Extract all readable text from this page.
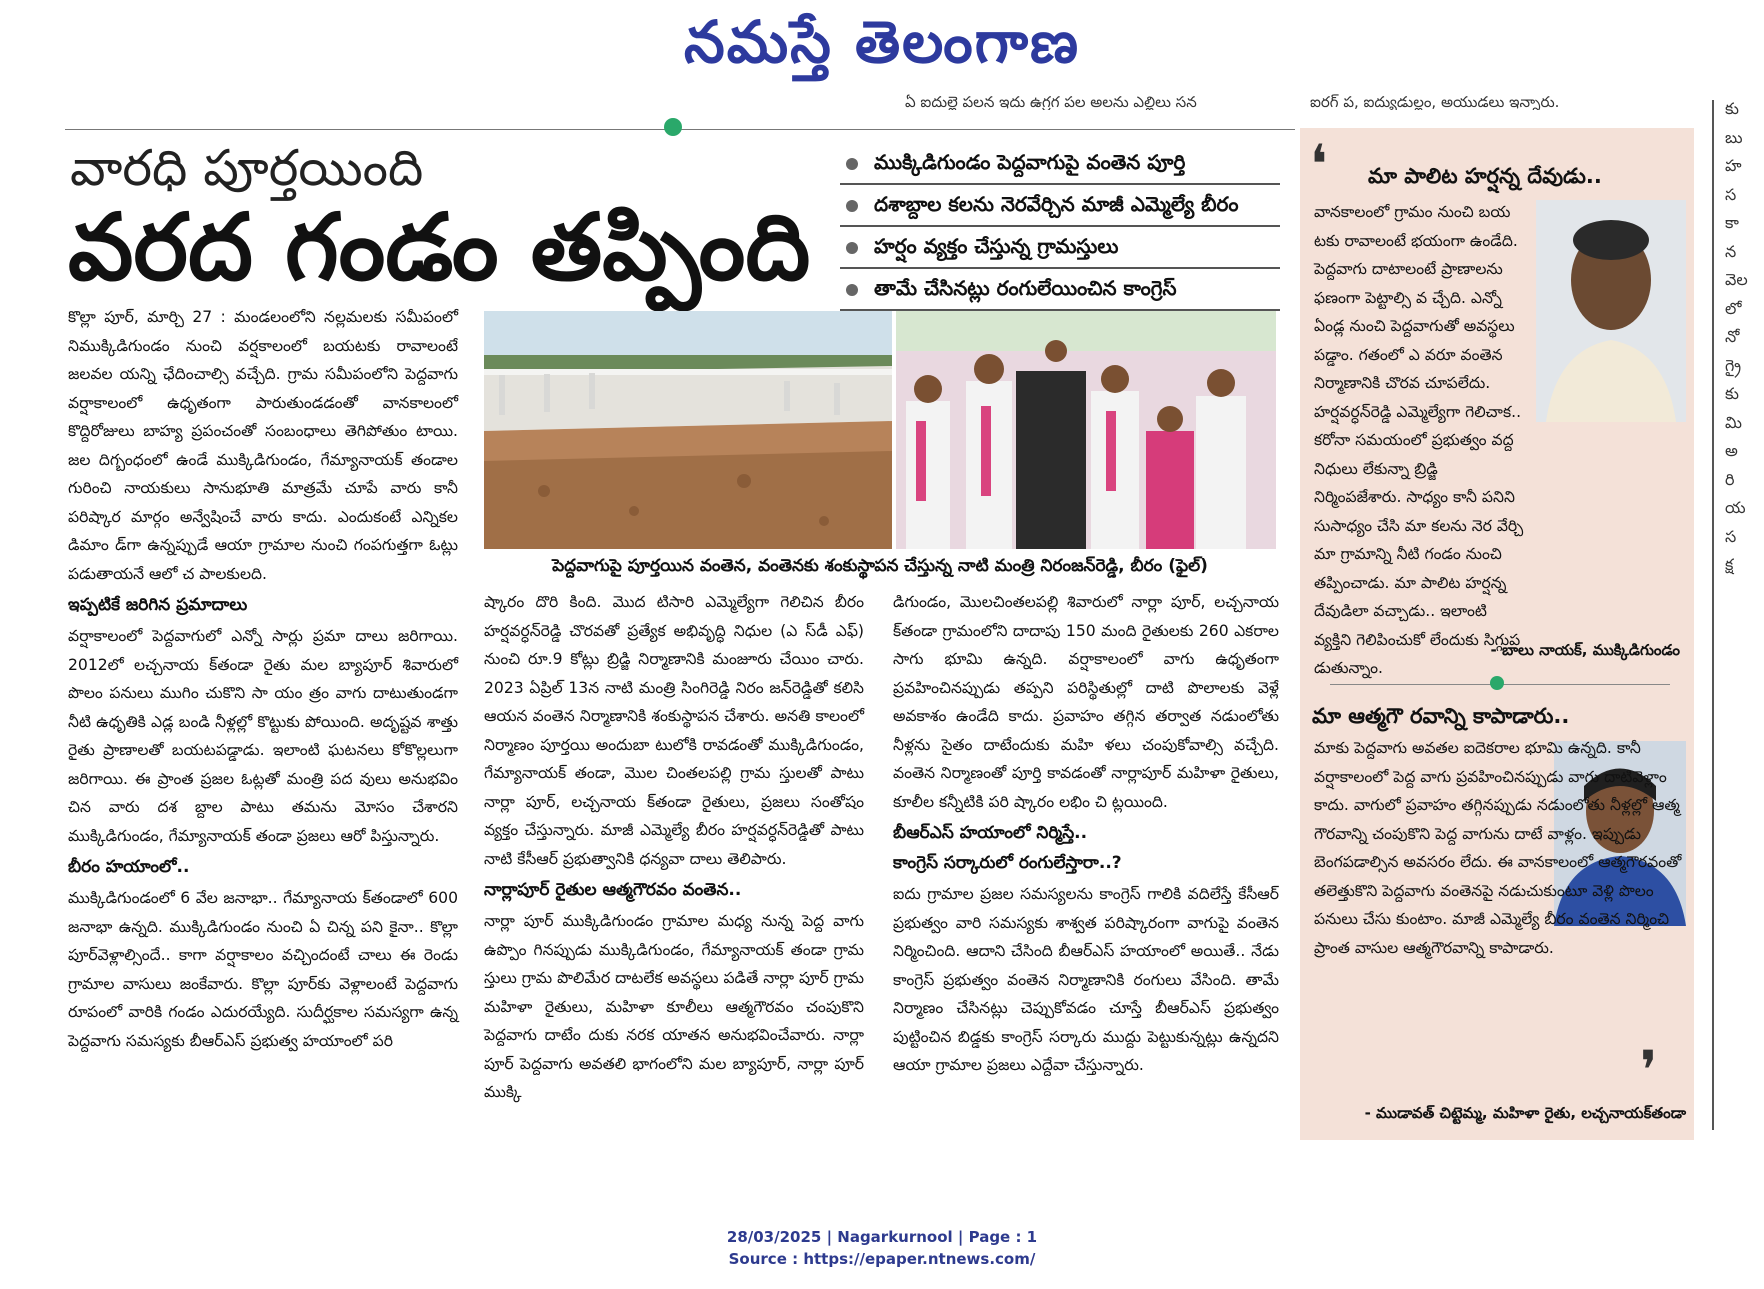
నమస్తే తెలంగాణ
ఏ ఐదుల్లె పలన ఇదు ఉగ్రగ పల అలను ఎల్లిలు సన	ఐరగ్ ప, ఐద్యుడుల్లం, అయుడలు ఇన్నారు.
వారధి పూర్తయింది
వరద గండం తప్పింది
ముక్కిడిగుండం పెద్దవాగుపై వంతెన పూర్తి
దశాబ్దాల కలను నెరవేర్చిన మాజీ ఎమ్మెల్యే బీరం
హర్షం వ్యక్తం చేస్తున్న గ్రామస్తులు
తామే చేసినట్లు రంగులేయించిన కాంగ్రెస్
పెద్దవాగుపై పూర్తయిన వంతెన, వంతెనకు శంకుస్థాపన చేస్తున్న నాటి మంత్రి నిరంజన్‌రెడ్డి, బీరం (ఫైల్)

కొల్లా పూర్, మార్చి 27 : మండలంలోని నల్లమలకు సమీపంలో నిముక్కిడిగుండం నుంచి వర్షకాలంలో బయటకు రావాలంటే జలవల యన్ని ఛేదించాల్సి వచ్చేది. గ్రామ సమీపంలోని పెద్దవాగు వర్షాకాలంలో ఉధృతంగా పారుతుండడంతో వానకాలంలో కొద్దిరోజులు బాహ్య ప్రపంచంతో సంబంధాలు తెగిపోతుం టాయి. జల దిగ్బంధంలో ఉండే ముక్కిడిగుండం, గేమ్యానాయక్ తండాల గురించి నాయకులు సానుభూతి మాత్రమే చూపే వారు కానీ పరిష్కార మార్గం అన్వేషించే వారు కాదు. ఎందుకంటే ఎన్నికల డిమాం డ్‌గా ఉన్నప్పుడే ఆయా గ్రామాల నుంచి గంపగుత్తగా ఓట్లు పడుతాయనే ఆలో చ పాలకులది.

ఇప్పటికే జరిగిన ప్రమాదాలు

వర్షాకాలంలో పెద్దవాగులో ఎన్నో సార్లు ప్రమా దాలు జరిగాయి. 2012లో లచ్చనాయ క్‌తండా రైతు మల బ్యాపూర్ శివారులో పొలం పనులు ముగిం చుకొని సా యం త్రం వాగు దాటుతుండగా నీటి ఉధృతికి ఎడ్ల బండి నీళ్లల్లో కొట్టుకు పోయింది. అదృష్టవ శాత్తు రైతు ప్రాణాలతో బయటపడ్డాడు. ఇలాంటి ఘటనలు కోకొల్లలుగా జరిగాయి. ఈ ప్రాంత ప్రజల ఓట్లతో మంత్రి పద వులు అనుభవిం చిన వారు దశ బ్దాల పాటు తమను మోసం చేశారని ముక్కిడిగుండం, గేమ్యానాయక్ తండా ప్రజలు ఆరో పిస్తున్నారు.

బీరం హయాంలో..

ముక్కిడిగుండంలో 6 వేల జనాభా.. గేమ్యానాయ క్‌తండాలో 600 జనాభా ఉన్నది. ముక్కిడిగుండం నుంచి ఏ చిన్న పని కైనా.. కొల్లా పూర్‌వెళ్లాల్సిందే.. కాగా వర్షాకాలం వచ్చిందంటే చాలు ఈ రెండు గ్రామాల వాసులు జంకేవారు. కొల్లా పూర్‌కు వెళ్లాలంటే పెద్దవాగు రూపంలో వారికి గండం ఎదురయ్యేది. సుదీర్ఘకాల సమస్యగా ఉన్న పెద్దవాగు సమస్యకు బీఆర్‌ఎస్ ప్రభుత్వ హయాంలో పరి

ష్కారం దొరి కింది. మొద టిసారి ఎమ్మెల్యేగా గెలిచిన బీరం హర్షవర్ధన్‌రెడ్డి చొరవతో ప్రత్యేక అభివృద్ధి నిధుల (ఎ స్‌డీ ఎఫ్) నుంచి రూ.9 కోట్లు బ్రిడ్జి నిర్మాణానికి మంజూరు చేయిం చారు. 2023 ఏప్రిల్ 13న నాటి మంత్రి సింగిరెడ్డి నిరం జన్‌రెడ్డితో కలిసి ఆయన వంతెన నిర్మాణానికి శంకుస్థాపన చేశారు. అనతి కాలంలో నిర్మాణం పూర్తయి అందుబా టులోకి రావడంతో ముక్కిడిగుండం, గేమ్యానాయక్ తండా, మొల చింతలపల్లి గ్రామ స్తులతో పాటు నార్లా పూర్, లచ్చనాయ క్‌తండా రైతులు, ప్రజలు సంతోషం వ్యక్తం చేస్తున్నారు. మాజీ ఎమ్మెల్యే బీరం హర్షవర్ధన్‌రెడ్డితో పాటు నాటి కేసీఆర్ ప్రభుత్వానికి ధన్యవా దాలు తెలిపారు.

నార్లాపూర్ రైతుల ఆత్మగౌరవం వంతెన..

నార్లా పూర్ ముక్కిడిగుండం గ్రామాల మధ్య నున్న పెద్ద వాగు ఉప్పొం గినప్పుడు ముక్కిడిగుండం, గేమ్యానాయక్ తండా గ్రామ స్తులు గ్రామ పొలిమేర దాటలేక అవస్థలు పడితే నార్లా పూర్ గ్రామ మహిళా రైతులు, మహిళా కూలీలు ఆత్మగౌరవం చంపుకొని పెద్దవాగు దాటేం దుకు నరక యాతన అనుభవించేవారు. నార్లా పూర్ పెద్దవాగు అవతలి భాగంలోని మల బ్యాపూర్, నార్లా పూర్ ముక్కి

డిగుండం, మొలచింతలపల్లి శివారులో నార్లా పూర్, లచ్చనాయ క్‌తండా గ్రామంలోని దాదాపు 150 మంది రైతులకు 260 ఎకరాల సాగు భూమి ఉన్నది. వర్షాకాలంలో వాగు ఉధృతంగా ప్రవహించినప్పుడు తప్పని పరిస్థితుల్లో దాటి పొలాలకు వెళ్లే అవకాశం ఉండేది కాదు. ప్రవాహం తగ్గిన తర్వాత నడుంలోతు నీళ్లను సైతం దాటేందుకు మహి ళలు చంపుకోవాల్సి వచ్చేది. వంతెన నిర్మాణంతో పూర్తి కావడంతో నార్లాపూర్ మహిళా రైతులు, కూలీల కన్నీటికి పరి ష్కారం లభిం చి ట్లయింది.

బీఆర్‌ఎస్ హయాంలో నిర్మిస్తే..
కాంగ్రెస్ సర్కారులో రంగులేస్తారా..?

ఐదు గ్రామాల ప్రజల సమస్యలను కాంగ్రెస్ గాలికి వదిలేస్తే కేసీఆర్ ప్రభుత్వం వారి సమస్యకు శాశ్వత పరిష్కారంగా వాగుపై వంతెన నిర్మించింది. ఆదాని చేసింది బీఆర్‌ఎస్ హయాంలో అయితే.. నేడు కాంగ్రెస్ ప్రభుత్వం వంతెన నిర్మాణానికి రంగులు వేసింది. తామే నిర్మాణం చేసినట్లు చెప్పుకోవడం చూస్తే బీఆర్‌ఎస్ ప్రభుత్వం పుట్టించిన బిడ్డకు కాంగ్రెస్ సర్కారు ముద్దు పెట్టుకున్నట్లు ఉన్నదని ఆయా గ్రామాల ప్రజలు ఎద్దేవా చేస్తున్నారు.

❛ మా పాలిట హర్షన్న దేవుడు..

వానకాలంలో గ్రామం నుంచి బయ టకు రావాలంటే భయంగా ఉండేది. పెద్దవాగు దాటాలంటే ప్రాణాలను ఫణంగా పెట్టాల్సి వ చ్చేది. ఎన్నో ఏండ్ల నుంచి పెద్దవాగుతో అవస్థలు పడ్డాం. గతంలో ఎ వరూ వంతెన నిర్మాణానికి చొరవ చూపలేదు. హర్షవర్ధన్‌రెడ్డి ఎమ్మెల్యేగా గెలిచాక.. కరోనా సమయంలో ప్రభుత్వం వద్ద నిధులు లేకున్నా బ్రిడ్జి నిర్మింపజేశారు. సాధ్యం కానీ పనిని సుసాధ్యం చేసి మా కలను నెర వేర్చి మా గ్రామాన్ని నీటి గండం నుంచి తప్పించాడు. మా పాలిట హర్షన్న దేవుడిలా వచ్చాడు.. ఇలాంటి వ్యక్తిని గెలిపించుకో లేందుకు సిగ్గుప డుతున్నాం.

- బాలు నాయక్, ముక్కిడిగుండం
మా ఆత్మగౌ రవాన్ని కాపాడారు..

మాకు పెద్దవాగు అవతల ఐదెకరాల భూమి ఉన్నది. కానీ వర్షాకాలంలో పెద్ద వాగు ప్రవహించినప్పుడు వాగు దాటివెళ్లాం కాదు. వాగులో ప్రవాహం తగ్గినప్పుడు నడుంలోతు నీళ్లల్లో ఆత్మ గౌరవాన్ని చంపుకొని పెద్ద వాగును దాటే వాళ్లం. ఇప్పుడు బెంగపడాల్సిన అవసరం లేదు. ఈ వానకాలంలో ఆత్మగౌరవంతో తలెత్తుకొని పెద్దవాగు వంతెనపై నడుచుకుంటూ వెళ్లి పొలం పనులు చేసు కుంటాం. మాజీ ఎమ్మెల్యే బీరం వంతెన నిర్మించి ప్రాంత వాసుల ఆత్మగౌరవాన్ని కాపాడారు.

❜
- ముడావత్ చిట్టెమ్మ, మహిళా రైతు, లచ్చనాయక్‌తండా
కు
బు
హ
స
కా
న
వెల
లో
నో
గ్రై
కు
మి
అ
రి
య
స
క్ష
28/03/2025 | Nagarkurnool | Page : 1
Source : https://epaper.ntnews.com/
